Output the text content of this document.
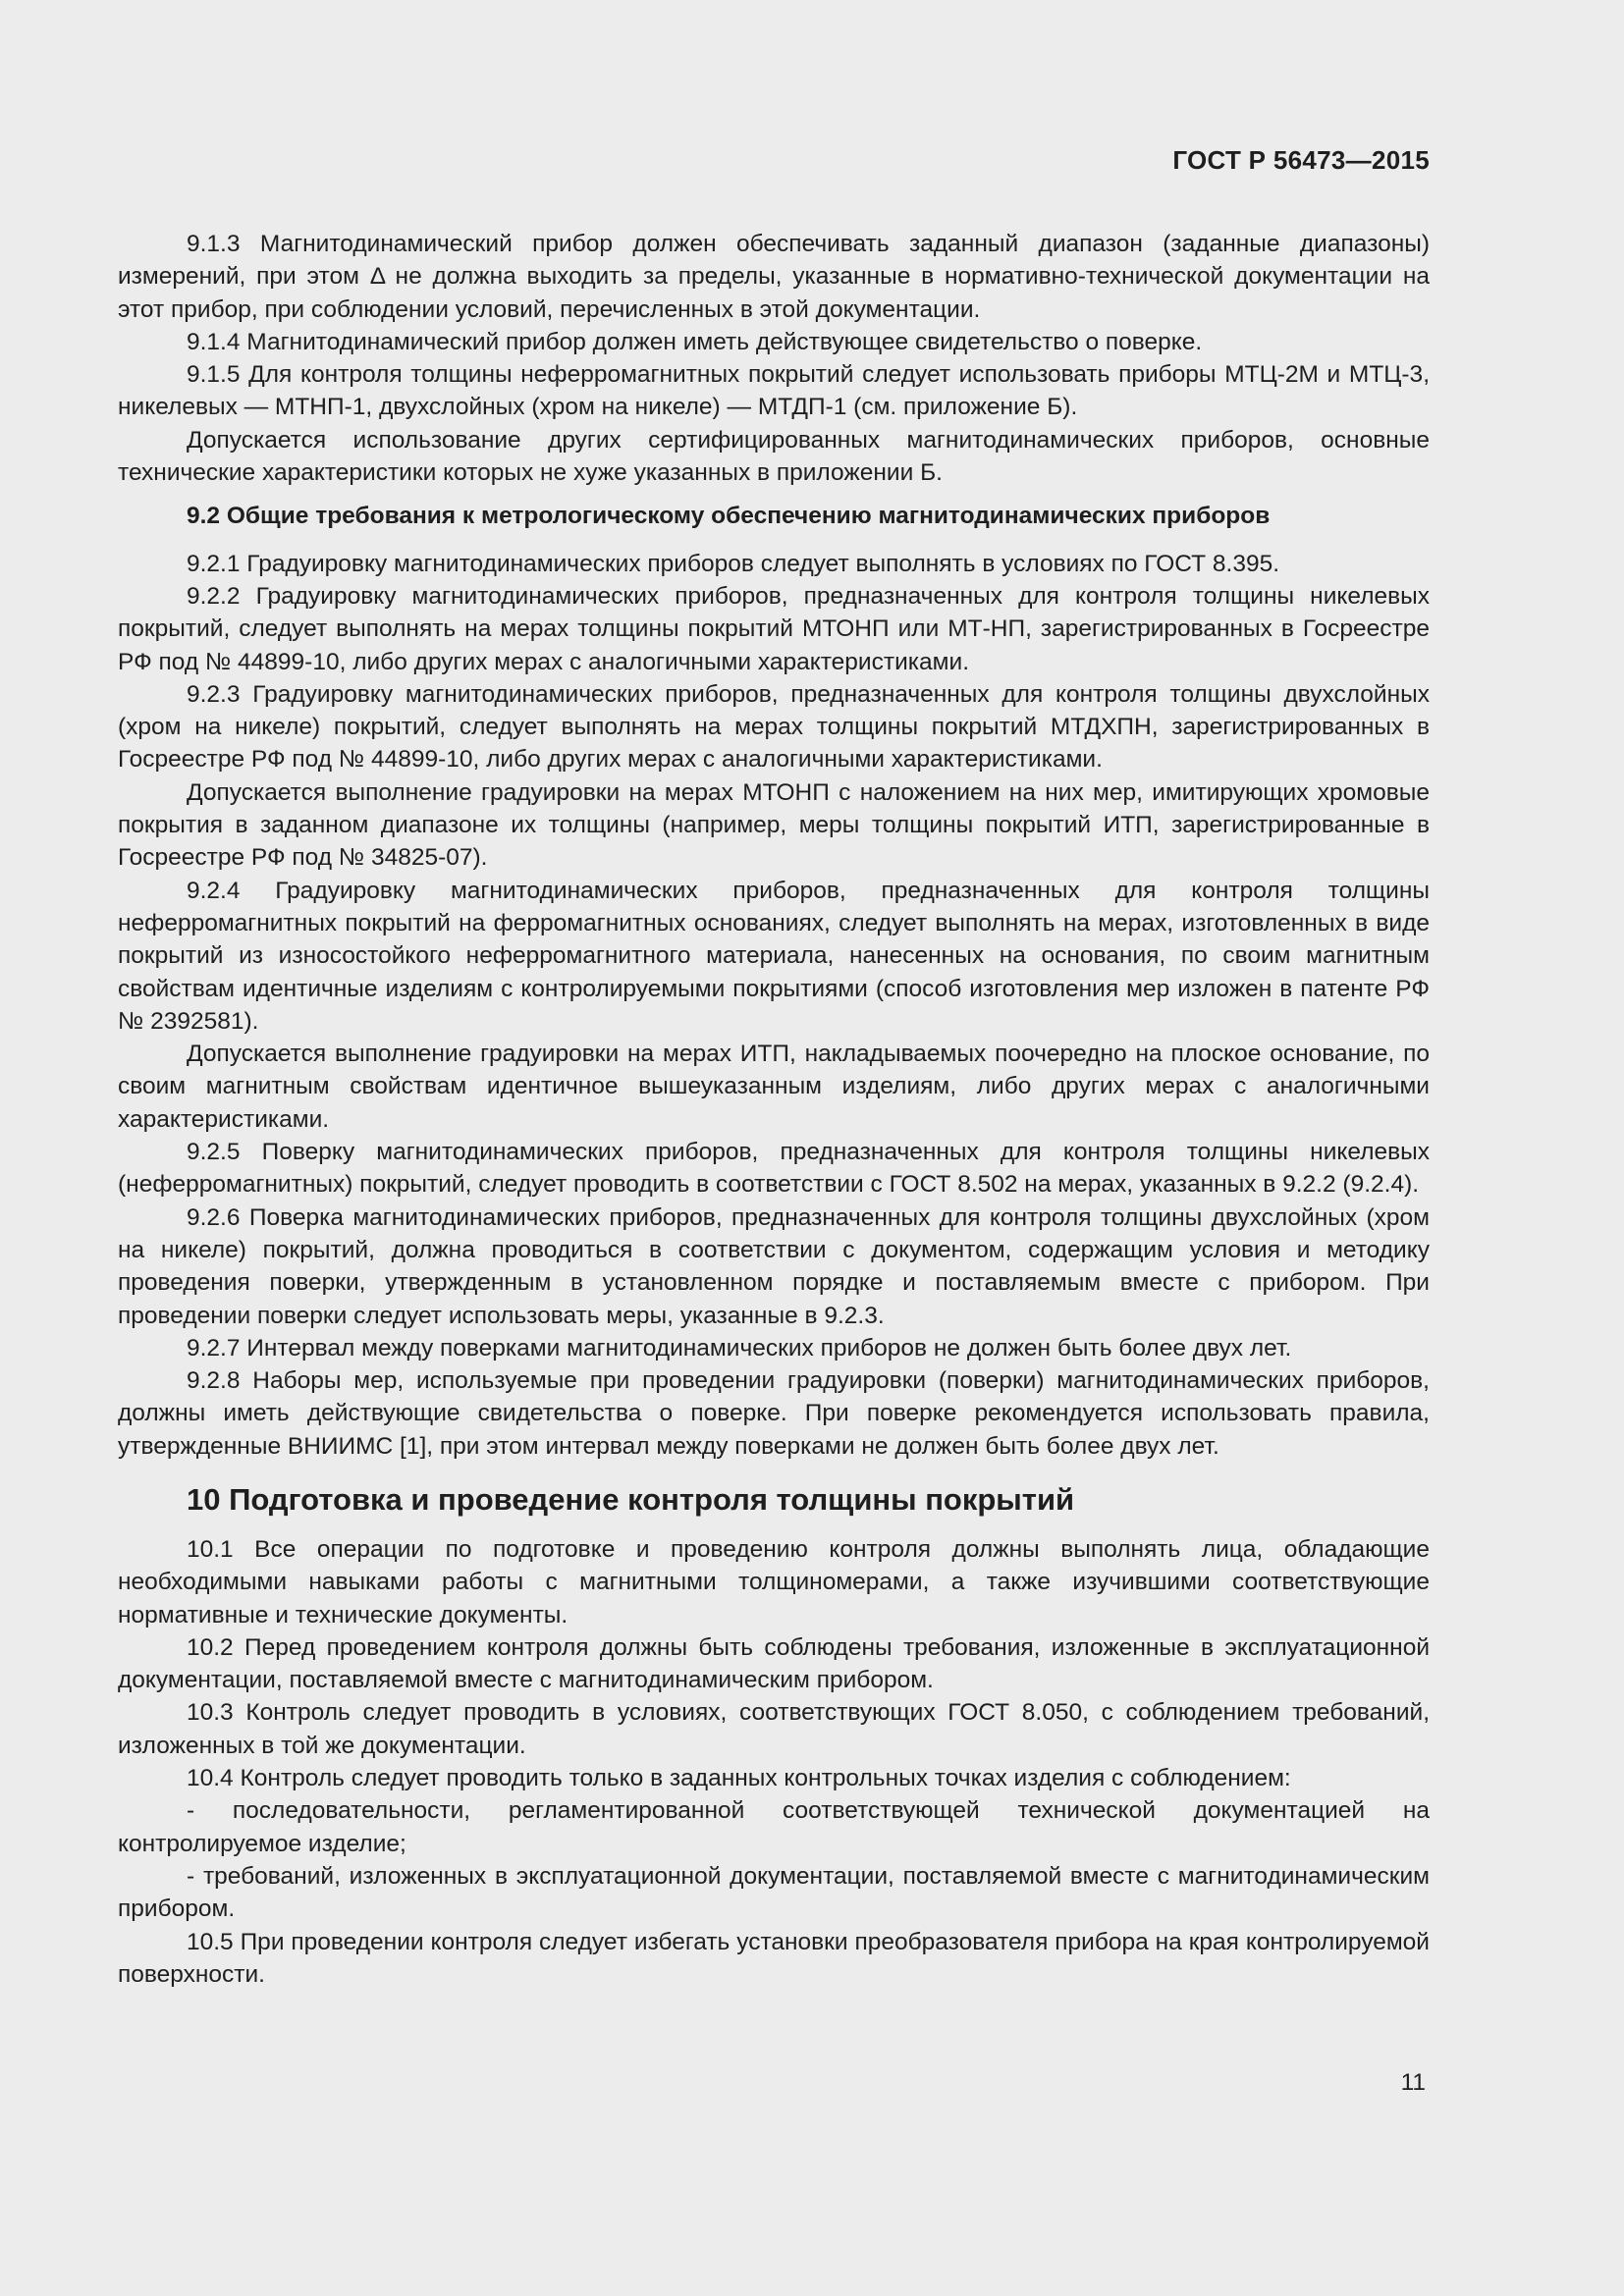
ГОСТ Р 56473—2015

9.1.3 Магнитодинамический прибор должен обеспечивать заданный диапазон (заданные диапазоны) измерений, при этом Δ не должна выходить за пределы, указанные в нормативно-технической документации на этот прибор, при соблюдении условий, перечисленных в этой документации.

9.1.4 Магнитодинамический прибор должен иметь действующее свидетельство о поверке.

9.1.5 Для контроля толщины неферромагнитных покрытий следует использовать приборы МТЦ-2М и МТЦ-3, никелевых — МТНП-1, двухслойных (хром на никеле) — МТДП-1 (см. приложение Б).

Допускается использование других сертифицированных магнитодинамических приборов, основные технические характеристики которых не хуже указанных в приложении Б.

9.2 Общие требования к метрологическому обеспечению магнитодинамических приборов

9.2.1 Градуировку магнитодинамических приборов следует выполнять в условиях по ГОСТ 8.395.

9.2.2 Градуировку магнитодинамических приборов, предназначенных для контроля толщины никелевых покрытий, следует выполнять на мерах толщины покрытий МТОНП или МТ-НП, зарегистрированных в Госреестре РФ под № 44899-10, либо других мерах с аналогичными характеристиками.

9.2.3 Градуировку магнитодинамических приборов, предназначенных для контроля толщины двухслойных (хром на никеле) покрытий, следует выполнять на мерах толщины покрытий МТДХПН, зарегистрированных в Госреестре РФ под № 44899-10, либо других мерах с аналогичными характеристиками.

Допускается выполнение градуировки на мерах МТОНП с наложением на них мер, имитирующих хромовые покрытия в заданном диапазоне их толщины (например, меры толщины покрытий ИТП, зарегистрированные в Госреестре РФ под № 34825-07).

9.2.4 Градуировку магнитодинамических приборов, предназначенных для контроля толщины неферромагнитных покрытий на ферромагнитных основаниях, следует выполнять на мерах, изготовленных в виде покрытий из износостойкого неферромагнитного материала, нанесенных на основания, по своим магнитным свойствам идентичные изделиям с контролируемыми покрытиями (способ изготовления мер изложен в патенте РФ № 2392581).

Допускается выполнение градуировки на мерах ИТП, накладываемых поочередно на плоское основание, по своим магнитным свойствам идентичное вышеуказанным изделиям, либо других мерах с аналогичными характеристиками.

9.2.5 Поверку магнитодинамических приборов, предназначенных для контроля толщины никелевых (неферромагнитных) покрытий, следует проводить в соответствии с ГОСТ 8.502 на мерах, указанных в 9.2.2 (9.2.4).

9.2.6 Поверка магнитодинамических приборов, предназначенных для контроля толщины двухслойных (хром на никеле) покрытий, должна проводиться в соответствии с документом, содержащим условия и методику проведения поверки, утвержденным в установленном порядке и поставляемым вместе с прибором. При проведении поверки следует использовать меры, указанные в 9.2.3.

9.2.7 Интервал между поверками магнитодинамических приборов не должен быть более двух лет.

9.2.8 Наборы мер, используемые при проведении градуировки (поверки) магнитодинамических приборов, должны иметь действующие свидетельства о поверке. При поверке рекомендуется использовать правила, утвержденные ВНИИМС [1], при этом интервал между поверками не должен быть более двух лет.

10 Подготовка и проведение контроля толщины покрытий

10.1 Все операции по подготовке и проведению контроля должны выполнять лица, обладающие необходимыми навыками работы с магнитными толщиномерами, а также изучившими соответствующие нормативные и технические документы.

10.2 Перед проведением контроля должны быть соблюдены требования, изложенные в эксплуатационной документации, поставляемой вместе с магнитодинамическим прибором.

10.3 Контроль следует проводить в условиях, соответствующих ГОСТ 8.050, с соблюдением требований, изложенных в той же документации.

10.4 Контроль следует проводить только в заданных контрольных точках изделия с соблюдением:

- последовательности, регламентированной соответствующей технической документацией на контролируемое изделие;

- требований, изложенных в эксплуатационной документации, поставляемой вместе с магнитодинамическим прибором.

10.5 При проведении контроля следует избегать установки преобразователя прибора на края контролируемой поверхности.

11
